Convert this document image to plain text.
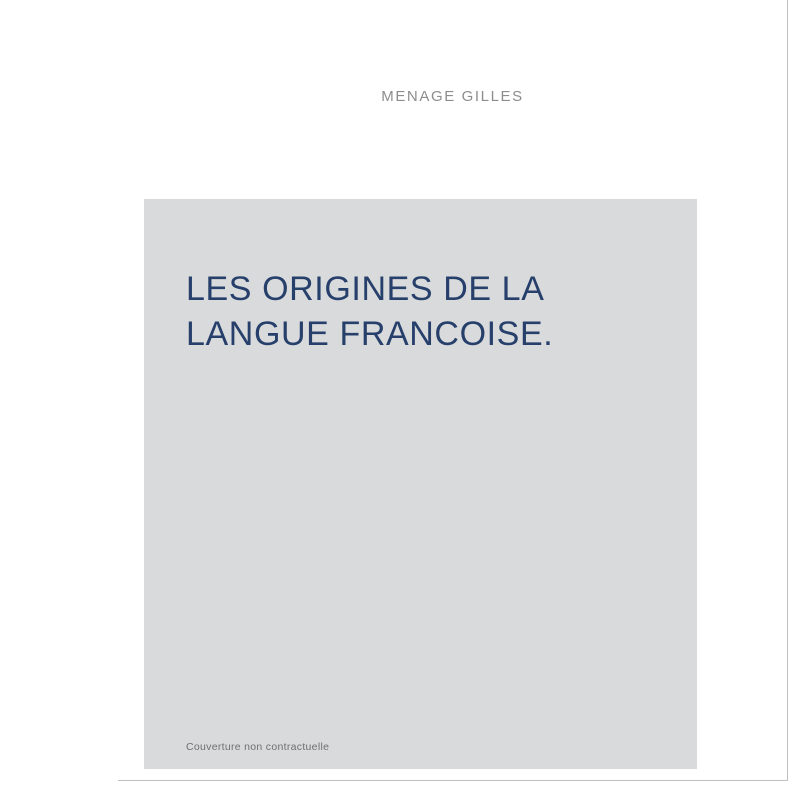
MENAGE GILLES
LES ORIGINES DE LA LANGUE FRANCOISE.
Couverture non contractuelle
